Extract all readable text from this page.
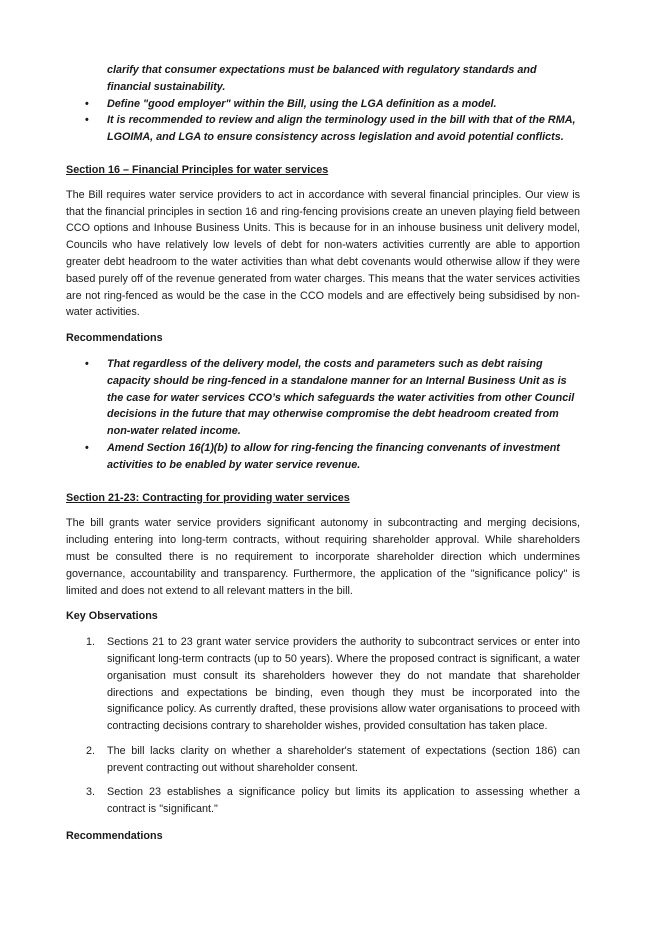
clarify that consumer expectations must be balanced with regulatory standards and financial sustainability.

• Define "good employer" within the Bill, using the LGA definition as a model.
• It is recommended to review and align the terminology used in the bill with that of the RMA, LGOIMA, and LGA to ensure consistency across legislation and avoid potential conflicts.

Section 16 – Financial Principles for water services

The Bill requires water service providers to act in accordance with several financial principles. Our view is that the financial principles in section 16 and ring-fencing provisions create an uneven playing field between CCO options and Inhouse Business Units. This is because for in an inhouse business unit delivery model, Councils who have relatively low levels of debt for non-waters activities currently are able to apportion greater debt headroom to the water activities than what debt covenants would otherwise allow if they were based purely off of the revenue generated from water charges. This means that the water services activities are not ring-fenced as would be the case in the CCO models and are effectively being subsidised by non-water activities.

Recommendations

• That regardless of the delivery model, the costs and parameters such as debt raising capacity should be ring-fenced in a standalone manner for an Internal Business Unit as is the case for water services CCO’s which safeguards the water activities from other Council decisions in the future that may otherwise compromise the debt headroom created from non-water related income.
• Amend Section 16(1)(b) to allow for ring-fencing the financing convenants of investment activities to be enabled by water service revenue.

Section 21-23: Contracting for providing water services

The bill grants water service providers significant autonomy in subcontracting and merging decisions, including entering into long-term contracts, without requiring shareholder approval. While shareholders must be consulted there is no requirement to incorporate shareholder direction which undermines governance, accountability and transparency. Furthermore, the application of the "significance policy" is limited and does not extend to all relevant matters in the bill.

Key Observations

1. Sections 21 to 23 grant water service providers the authority to subcontract services or enter into significant long-term contracts (up to 50 years). Where the proposed contract is significant, a water organisation must consult its shareholders however they do not mandate that shareholder directions and expectations be binding, even though they must be incorporated into the significance policy. As currently drafted, these provisions allow water organisations to proceed with contracting decisions contrary to shareholder wishes, provided consultation has taken place.
2. The bill lacks clarity on whether a shareholder's statement of expectations (section 186) can prevent contracting out without shareholder consent.
3. Section 23 establishes a significance policy but limits its application to assessing whether a contract is "significant."

Recommendations
